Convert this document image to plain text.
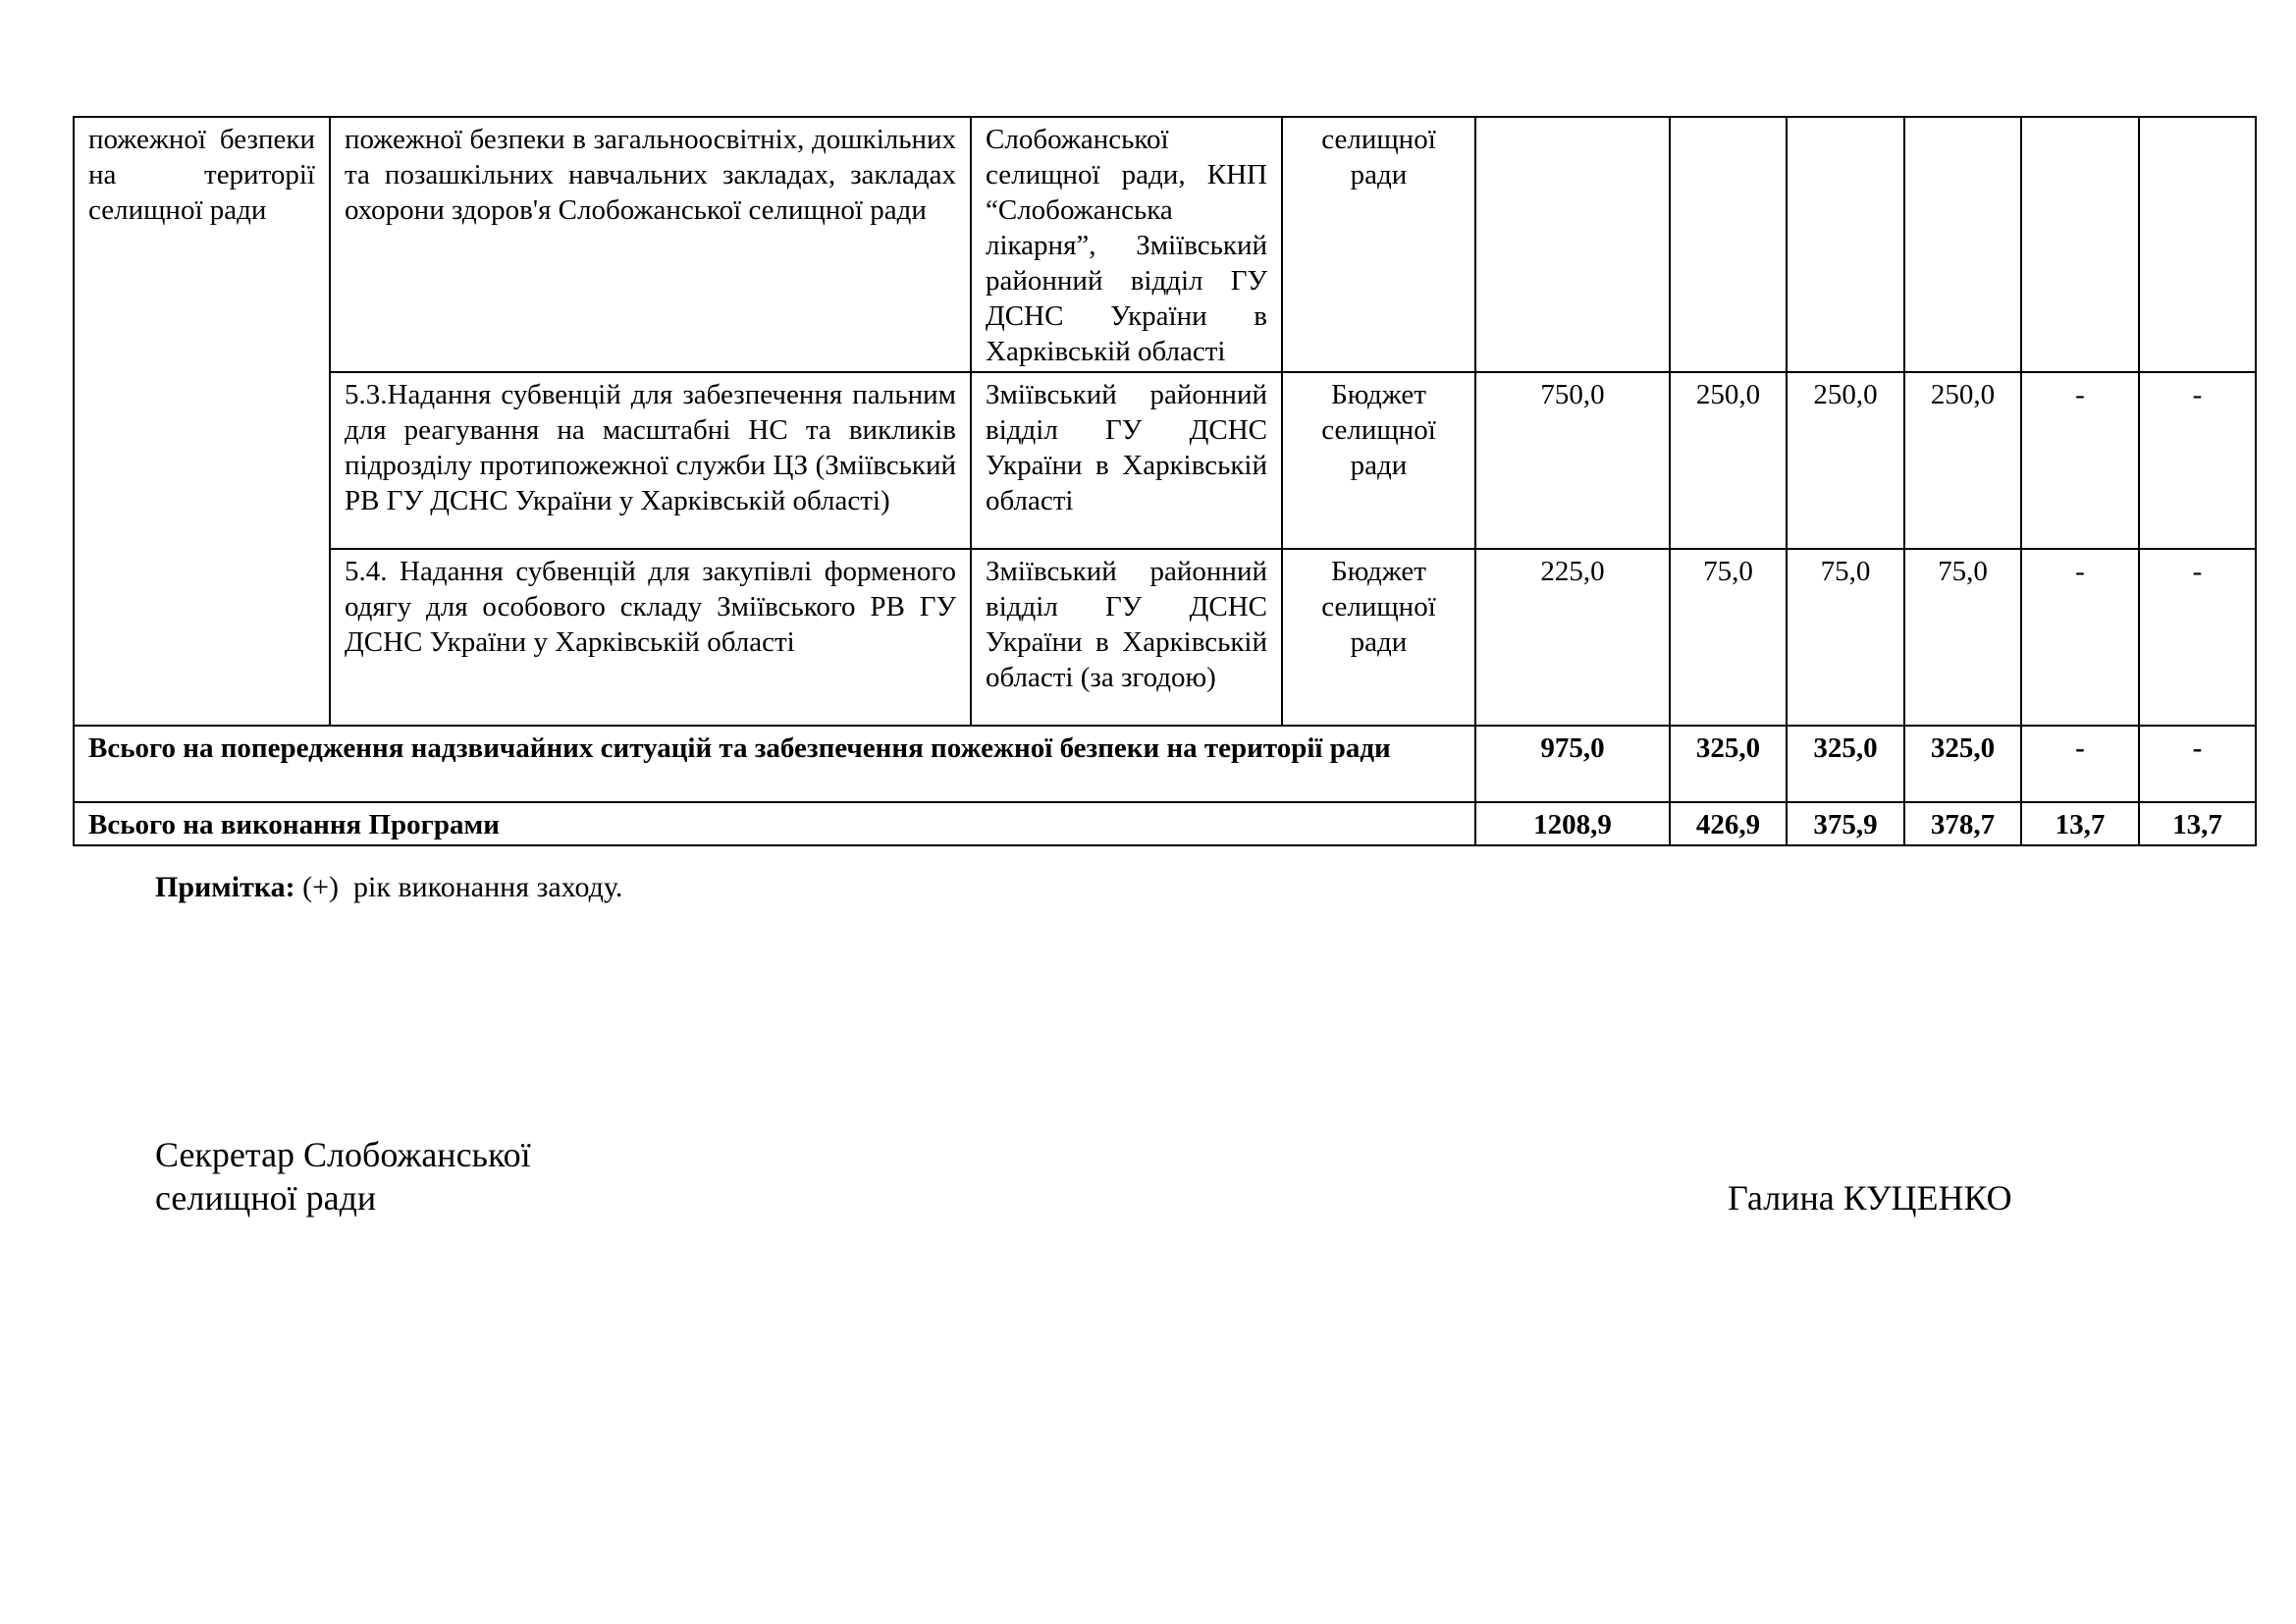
пожежної безпеки на території селищної ради	пожежної безпеки в загальноосвітніх, дошкільних та позашкільних навчальних закладах, закладах охорони здоров'я Слобожанської селищної ради	Слобожанської селищної ради, КНП “Слобожанська лікарня”, Зміївський районний відділ ГУ ДСНС України в Харківській області	селищної ради						
	5.3.Надання субвенцій для забезпечення пальним для реагування на масштабні НС та викликів підрозділу протипожежної служби ЦЗ (Зміївський РВ ГУ ДСНС України у Харківській області)	Зміївський районний відділ ГУ ДСНС України в Харківській області	Бюджет селищної ради	750,0	250,0	250,0	250,0	-	-
	5.4. Надання субвенцій для закупівлі форменого одягу для особового складу Зміївського РВ ГУ ДСНС України у Харківській області	Зміївський районний відділ ГУ ДСНС України в Харківській області (за згодою)	Бюджет селищної ради	225,0	75,0	75,0	75,0	-	-
Всього на попередження надзвичайних ситуацій та забезпечення пожежної безпеки на території ради				975,0	325,0	325,0	325,0	-	-
Всього на виконання Програми				1208,9	426,9	375,9	378,7	13,7	13,7
Примітка: (+)  рік виконання заходу.
Секретар Слобожанської
селищної ради	Галина КУЦЕНКО
